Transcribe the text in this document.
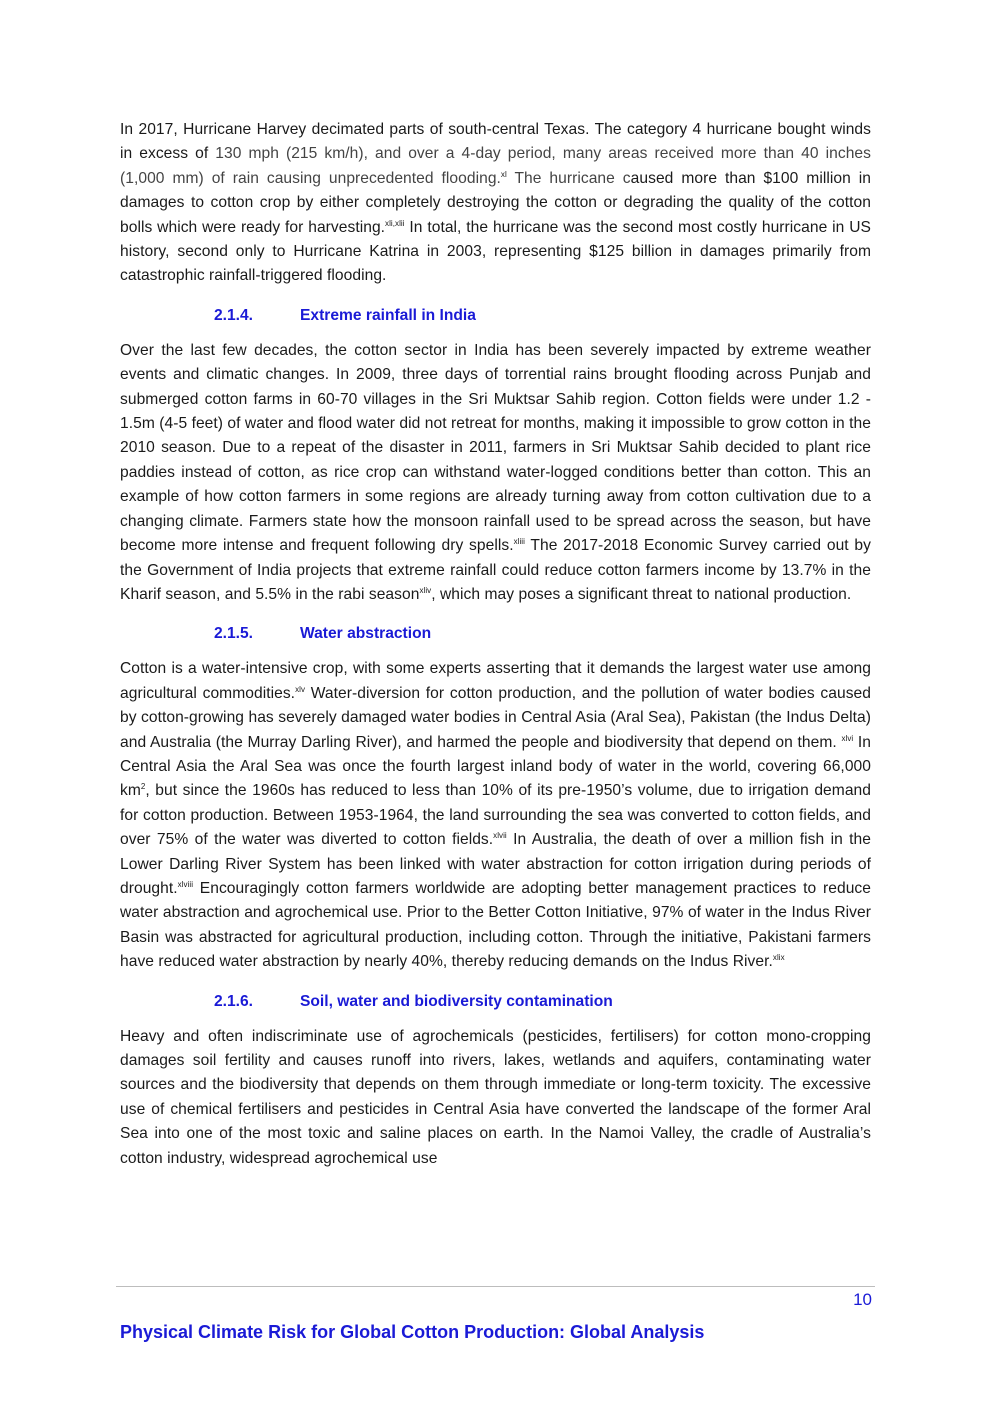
In 2017, Hurricane Harvey decimated parts of south-central Texas. The category 4 hurricane bought winds in excess of 130 mph (215 km/h), and over a 4-day period, many areas received more than 40 inches (1,000 mm) of rain causing unprecedented flooding.$^{xl}$ The hurricane caused more than $100 million in damages to cotton crop by either completely destroying the cotton or degrading the quality of the cotton bolls which were ready for harvesting.$^{xli,xlii}$ In total, the hurricane was the second most costly hurricane in US history, second only to Hurricane Katrina in 2003, representing $125 billion in damages primarily from catastrophic rainfall-triggered flooding.

2.1.4.	Extreme rainfall in India

Over the last few decades, the cotton sector in India has been severely impacted by extreme weather events and climatic changes. In 2009, three days of torrential rains brought flooding across Punjab and submerged cotton farms in 60-70 villages in the Sri Muktsar Sahib region. Cotton fields were under 1.2 - 1.5m (4-5 feet) of water and flood water did not retreat for months, making it impossible to grow cotton in the 2010 season. Due to a repeat of the disaster in 2011, farmers in Sri Muktsar Sahib decided to plant rice paddies instead of cotton, as rice crop can withstand water-logged conditions better than cotton. This an example of how cotton farmers in some regions are already turning away from cotton cultivation due to a changing climate. Farmers state how the monsoon rainfall used to be spread across the season, but have become more intense and frequent following dry spells.$^{xliii}$ The 2017-2018 Economic Survey carried out by the Government of India projects that extreme rainfall could reduce cotton farmers income by 13.7% in the Kharif season, and 5.5% in the rabi season$^{xliv}$, which may poses a significant threat to national production.

2.1.5.	Water abstraction

Cotton is a water-intensive crop, with some experts asserting that it demands the largest water use among agricultural commodities.$^{xlv}$ Water-diversion for cotton production, and the pollution of water bodies caused by cotton-growing has severely damaged water bodies in Central Asia (Aral Sea), Pakistan (the Indus Delta) and Australia (the Murray Darling River), and harmed the people and biodiversity that depend on them. $^{xlvi}$ In Central Asia the Aral Sea was once the fourth largest inland body of water in the world, covering 66,000 $km^2$, but since the 1960s has reduced to less than 10% of its pre-1950’s volume, due to irrigation demand for cotton production. Between 1953-1964, the land surrounding the sea was converted to cotton fields, and over 75% of the water was diverted to cotton fields.$^{xlvii}$ In Australia, the death of over a million fish in the Lower Darling River System has been linked with water abstraction for cotton irrigation during periods of drought.$^{xlviii}$ Encouragingly cotton farmers worldwide are adopting better management practices to reduce water abstraction and agrochemical use. Prior to the Better Cotton Initiative, 97% of water in the Indus River Basin was abstracted for agricultural production, including cotton. Through the initiative, Pakistani farmers have reduced water abstraction by nearly 40%, thereby reducing demands on the Indus River.$^{xlix}$

2.1.6.	Soil, water and biodiversity contamination

Heavy and often indiscriminate use of agrochemicals (pesticides, fertilisers) for cotton mono-cropping damages soil fertility and causes runoff into rivers, lakes, wetlands and aquifers, contaminating water sources and the biodiversity that depends on them through immediate or long-term toxicity. The excessive use of chemical fertilisers and pesticides in Central Asia have converted the landscape of the former Aral Sea into one of the most toxic and saline places on earth. In the Namoi Valley, the cradle of Australia’s cotton industry, widespread agrochemical use

10
Physical Climate Risk for Global Cotton Production: Global Analysis
